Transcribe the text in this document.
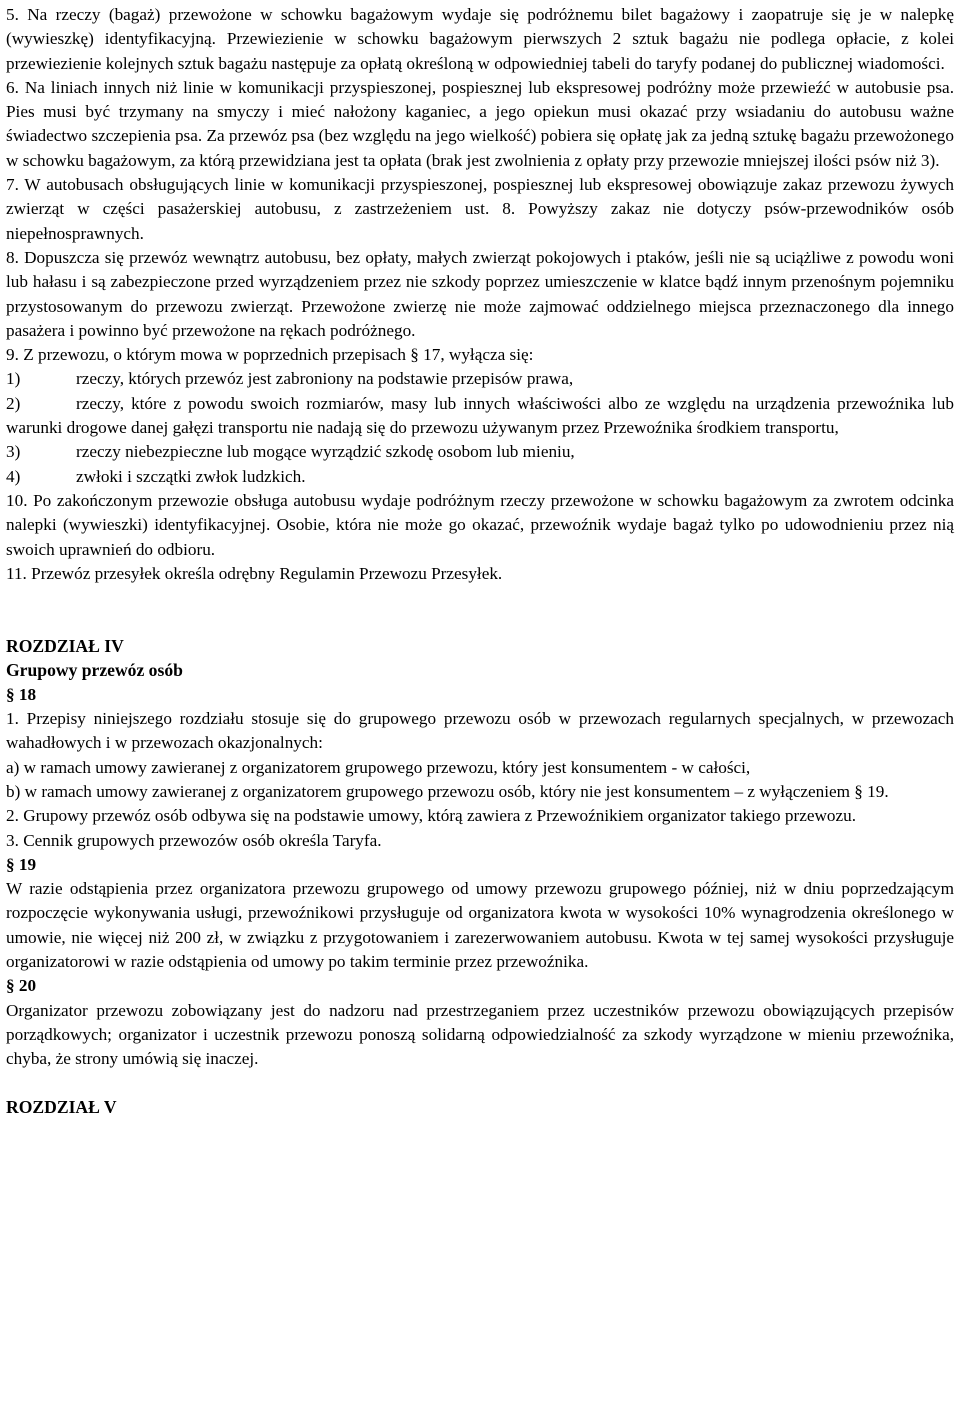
5. Na rzeczy (bagaż) przewożone w schowku bagażowym wydaje się podróżnemu bilet bagażowy i zaopatruje się je w nalepkę (wywieszkę) identyfikacyjną. Przewiezienie w schowku bagażowym pierwszych 2 sztuk bagażu nie podlega opłacie, z kolei przewiezienie kolejnych sztuk bagażu następuje za opłatą określoną w odpowiedniej tabeli do taryfy podanej do publicznej wiadomości.

6. Na liniach innych niż linie w komunikacji przyspieszonej, pospiesznej lub ekspresowej podróżny może przewieźć w autobusie psa. Pies musi być trzymany na smyczy i mieć nałożony kaganiec, a jego opiekun musi okazać przy wsiadaniu do autobusu ważne świadectwo szczepienia psa. Za przewóz psa (bez względu na jego wielkość) pobiera się opłatę jak za jedną sztukę bagażu przewożonego w schowku bagażowym, za którą przewidziana jest ta opłata (brak jest zwolnienia z opłaty przy przewozie mniejszej ilości psów niż 3).

7. W autobusach obsługujących linie w komunikacji przyspieszonej, pospiesznej lub ekspresowej obowiązuje zakaz przewozu żywych zwierząt w części pasażerskiej autobusu, z zastrzeżeniem ust. 8. Powyższy zakaz nie dotyczy psów-przewodników osób niepełnosprawnych.

8. Dopuszcza się przewóz wewnątrz autobusu, bez opłaty, małych zwierząt pokojowych i ptaków, jeśli nie są uciążliwe z powodu woni lub hałasu i są zabezpieczone przed wyrządzeniem przez nie szkody poprzez umieszczenie w klatce bądź innym przenośnym pojemniku przystosowanym do przewozu zwierząt. Przewożone zwierzę nie może zajmować oddzielnego miejsca przeznaczonego dla innego pasażera i powinno być przewożone na rękach podróżnego.

9. Z przewozu, o którym mowa w poprzednich przepisach § 17, wyłącza się:

1)	rzeczy, których przewóz jest zabroniony na podstawie przepisów prawa,
2)	rzeczy, które z powodu swoich rozmiarów, masy lub innych właściwości albo ze względu na urządzenia przewoźnika lub warunki drogowe danej gałęzi transportu nie nadają się do przewozu używanym przez Przewoźnika środkiem transportu,
3)	rzeczy niebezpieczne lub mogące wyrządzić szkodę osobom lub mieniu,
4)	zwłoki i szczątki zwłok ludzkich.

10. Po zakończonym przewozie obsługa autobusu wydaje podróżnym rzeczy przewożone w schowku bagażowym za zwrotem odcinka nalepki (wywieszki) identyfikacyjnej. Osobie, która nie może go okazać, przewoźnik wydaje bagaż tylko po udowodnieniu przez nią swoich uprawnień do odbioru.

11. Przewóz przesyłek określa odrębny Regulamin Przewozu Przesyłek.

ROZDZIAŁ IV

Grupowy przewóz osób

§ 18

1. Przepisy niniejszego rozdziału stosuje się do grupowego przewozu osób w przewozach regularnych specjalnych, w przewozach wahadłowych i w przewozach okazjonalnych:

a) w ramach umowy zawieranej z organizatorem grupowego przewozu, który jest konsumentem - w całości,

b) w ramach umowy zawieranej z organizatorem grupowego przewozu osób, który nie jest konsumentem – z wyłączeniem § 19.

2. Grupowy przewóz osób odbywa się na podstawie umowy, którą zawiera z Przewoźnikiem organizator takiego przewozu.

3. Cennik grupowych przewozów osób określa Taryfa.

§ 19

W razie odstąpienia przez organizatora przewozu grupowego od umowy przewozu grupowego później, niż w dniu poprzedzającym rozpoczęcie wykonywania usługi, przewoźnikowi przysługuje od organizatora kwota w wysokości 10% wynagrodzenia określonego w umowie, nie więcej niż 200 zł, w związku z przygotowaniem i zarezerwowaniem autobusu. Kwota w tej samej wysokości przysługuje organizatorowi w razie odstąpienia od umowy po takim terminie przez przewoźnika.

§ 20

Organizator przewozu zobowiązany jest do nadzoru nad przestrzeganiem przez uczestników przewozu obowiązujących przepisów porządkowych; organizator i uczestnik przewozu ponoszą solidarną odpowiedzialność za szkody wyrządzone w mieniu przewoźnika, chyba, że strony umówią się inaczej.

ROZDZIAŁ V
